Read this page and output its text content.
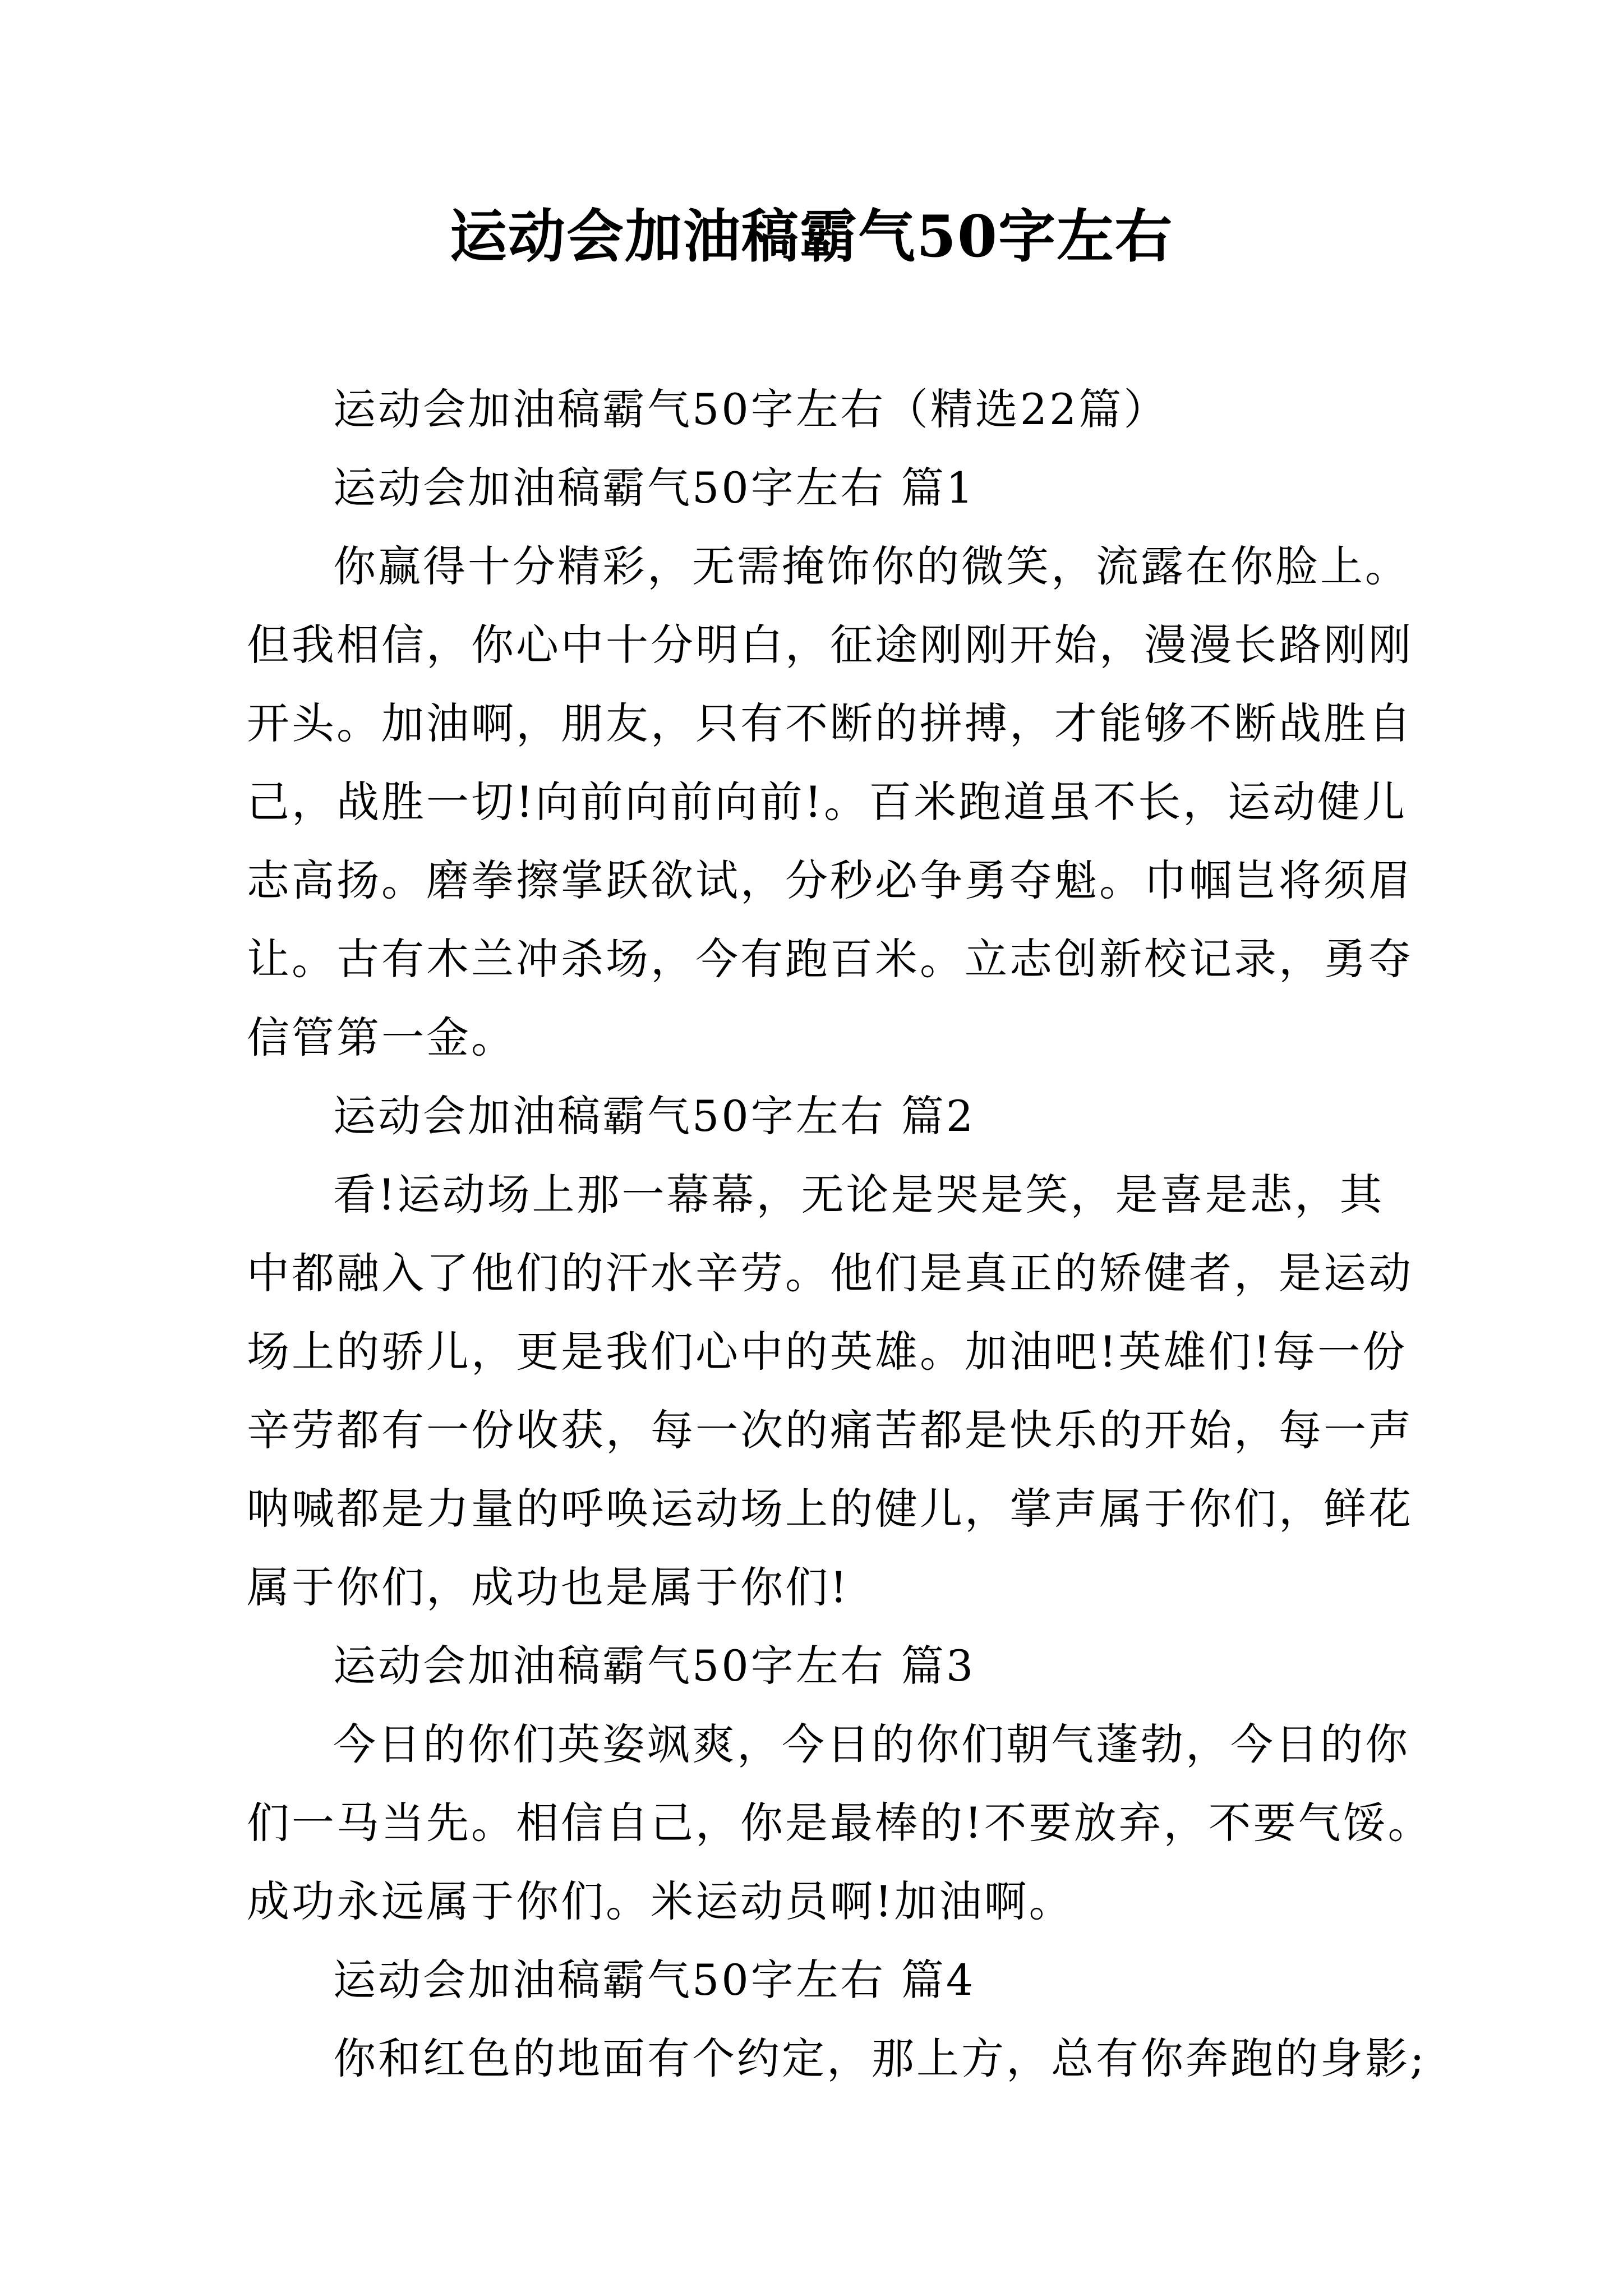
运动会加油稿霸气50字左右
运动会加油稿霸气50字左右（精选22篇）
运动会加油稿霸气50字左右 篇1
你赢得十分精彩，无需掩饰你的微笑，流露在你脸上。
但我相信，你心中十分明白，征途刚刚开始，漫漫长路刚刚
开头。加油啊，朋友，只有不断的拼搏，才能够不断战胜自
己，战胜一切!向前向前向前!。百米跑道虽不长，运动健儿
志高扬。磨拳擦掌跃欲试，分秒必争勇夺魁。巾帼岂将须眉
让。古有木兰冲杀场，今有跑百米。立志创新校记录，勇夺
信管第一金。
运动会加油稿霸气50字左右 篇2
看!运动场上那一幕幕，无论是哭是笑，是喜是悲，其
中都融入了他们的汗水辛劳。他们是真正的矫健者，是运动
场上的骄儿，更是我们心中的英雄。加油吧!英雄们!每一份
辛劳都有一份收获，每一次的痛苦都是快乐的开始，每一声
呐喊都是力量的呼唤运动场上的健儿，掌声属于你们，鲜花
属于你们，成功也是属于你们!
运动会加油稿霸气50字左右 篇3
今日的你们英姿飒爽，今日的你们朝气蓬勃，今日的你
们一马当先。相信自己，你是最棒的!不要放弃，不要气馁。
成功永远属于你们。米运动员啊!加油啊。
运动会加油稿霸气50字左右 篇4
你和红色的地面有个约定，那上方，总有你奔跑的身影;
